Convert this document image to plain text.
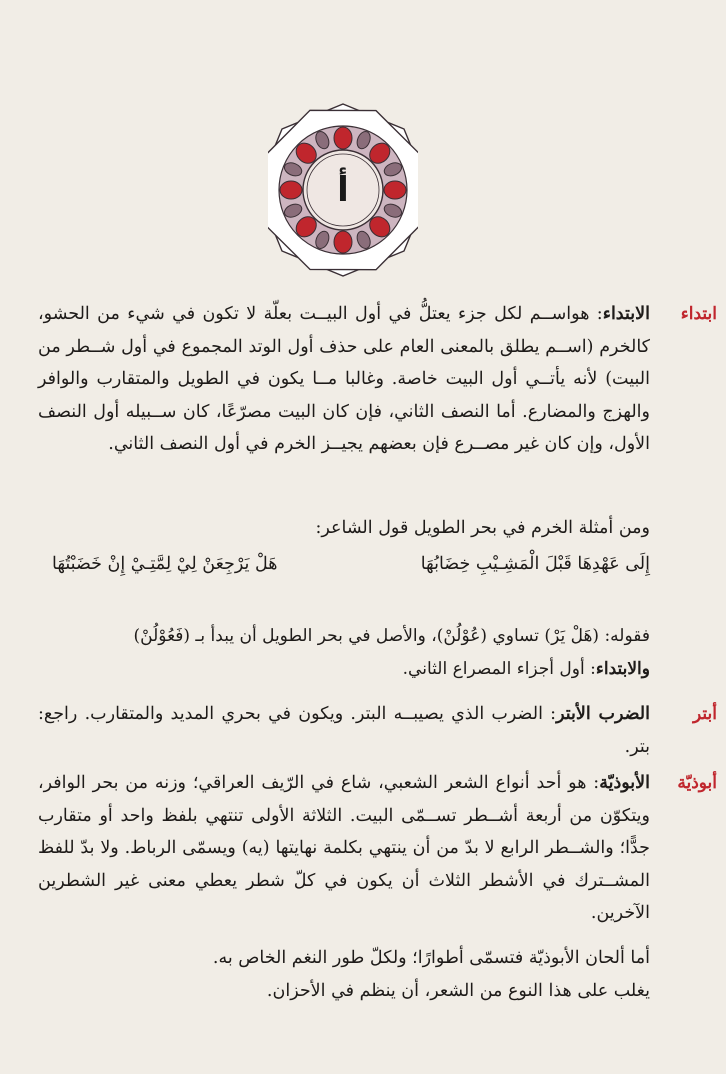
أ
ابتداء

الابتداء: هواســم لكل جزء يعتلُّ في أول البيــت بعلّة لا تكون في شيء من الحشو، كالخرم (اســم يطلق بالمعنى العام على حذف أول الوتد المجموع في أول شــطر من البيت) لأنه يأتــي أول البيت خاصة. وغالبا مــا يكون في الطويل والمتقارب والوافر والهزج والمضارع. أما النصف الثاني، فإن كان البيت مصرّعًا، كان ســبيله أول النصف الأول، وإن كان غير مصــرع فإن بعضهم يجيــز الخرم في أول النصف الثاني.

ومن أمثلة الخرم في بحر الطويل قول الشاعر:

إِلَى عَهْدِهَا قَبْلَ الْمَشِـيْبِ خِضَابُهَا
هَلْ يَرْجِعَنْ لِيْ لِمَّتِـيْ إِنْ خَضَبْتُهَا

فقوله: (هَلْ يَرْ) تساوي (عُوْلُنْ)، والأصل في بحر الطويل أن يبدأ بـ (فَعُوْلُنْ)

والابتداء: أول أجزاء المصراع الثاني.

أبتر

الضرب الأبتر: الضرب الذي يصيبــه البتر. ويكون في بحري المديد والمتقارب. راجع: بتر.

أبوذيّة

الأبوذيّة: هو أحد أنواع الشعر الشعبي، شاع في الرّيف العراقي؛ وزنه من بحر الوافر، ويتكوّن من أربعة أشــطر تســمّى البيت. الثلاثة الأولى تنتهي بلفظ واحد أو متقارب جدًّا؛ والشــطر الرابع لا بدّ من أن ينتهي بكلمة نهايتها (يه) ويسمّى الرباط. ولا بدّ للفظ المشــترك في الأشطر الثلاث أن يكون في كلّ شطر يعطي معنى غير الشطرين الآخرين.

أما ألحان الأبوذيّة فتسمّى أطوارًا؛ ولكلّ طور النغم الخاص به.

يغلب على هذا النوع من الشعر، أن ينظم في الأحزان.
